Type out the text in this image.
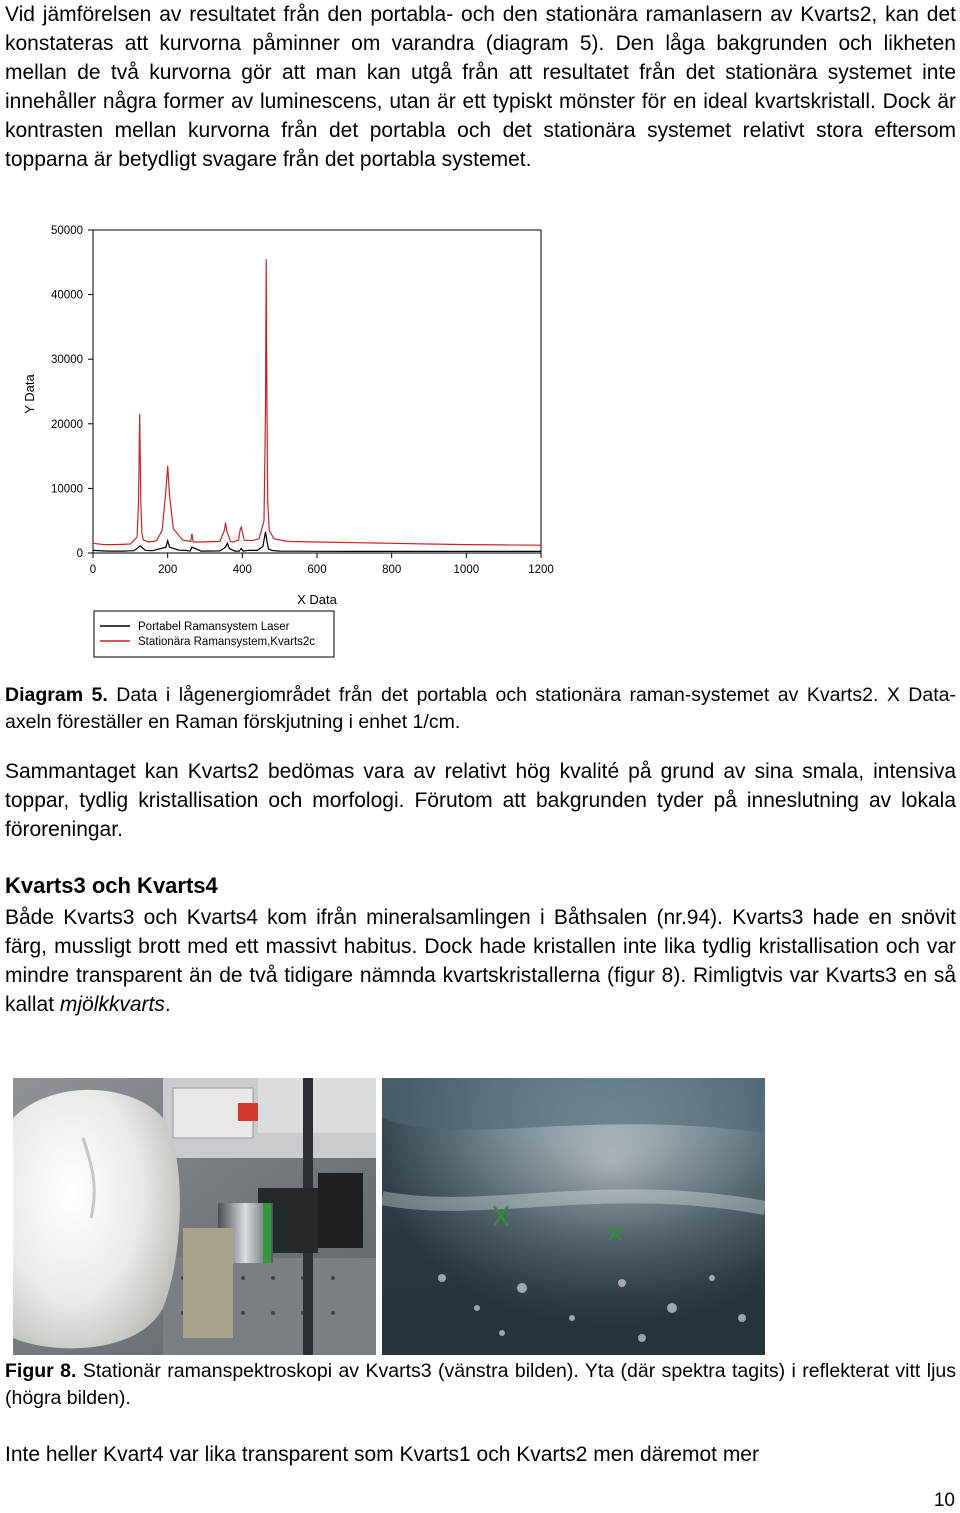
Vid jämförelsen av resultatet från den portabla- och den stationära ramanlasern av Kvarts2, kan det konstateras att kurvorna påminner om varandra (diagram 5). Den låga bakgrunden och likheten mellan de två kurvorna gör att man kan utgå från att resultatet från det stationära systemet inte innehåller några former av luminescens, utan är ett typiskt mönster för en ideal kvartskristall. Dock är kontrasten mellan kurvorna från det portabla och det stationära systemet relativt stora eftersom topparna är betydligt svagare från det portabla systemet.

0	200	400	600	800	1000	1200
0
10000
20000
30000
40000
50000
X Data
Y Data
Portabel Ramansystem Laser
Stationära Ramansystem,Kvarts2c

Diagram 5. Data i lågenergiområdet från det portabla och stationära raman-systemet av Kvarts2. X Data-axeln föreställer en Raman förskjutning i enhet 1/cm.

Sammantaget kan Kvarts2 bedömas vara av relativt hög kvalité på grund av sina smala, intensiva toppar, tydlig kristallisation och morfologi. Förutom att bakgrunden tyder på inneslutning av lokala föroreningar.

Kvarts3 och Kvarts4

Både Kvarts3 och Kvarts4 kom ifrån mineralsamlingen i Båthsalen (nr.94). Kvarts3 hade en snövit färg, mussligt brott med ett massivt habitus. Dock hade kristallen inte lika tydlig kristallisation och var mindre transparent än de två tidigare nämnda kvartskristallerna (figur 8). Rimligtvis var Kvarts3 en så kallat mjölkkvarts.

Figur 8. Stationär ramanspektroskopi av Kvarts3 (vänstra bilden). Yta (där spektra tagits) i reflekterat vitt ljus (högra bilden).

Inte heller Kvart4 var lika transparent som Kvarts1 och Kvarts2 men däremot mer

10
